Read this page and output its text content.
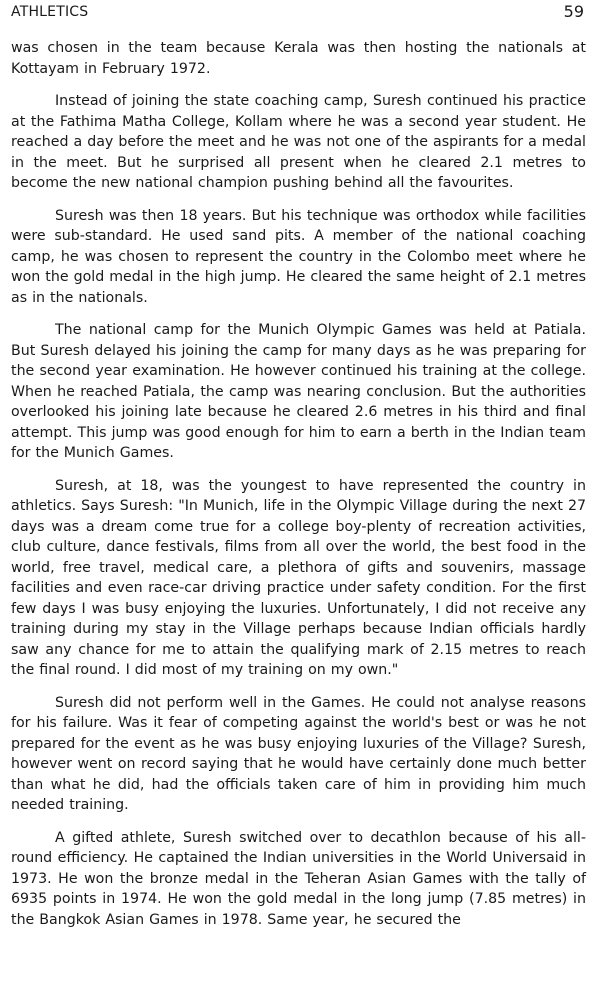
ATHLETICS	59

was chosen in the team because Kerala was then hosting the nationals at Kottayam in February 1972.

Instead of joining the state coaching camp, Suresh continued his practice at the Fathima Matha College, Kollam where he was a second year student. He reached a day before the meet and he was not one of the aspirants for a medal in the meet. But he surprised all present when he cleared 2.1 metres to become the new national champion pushing behind all the favourites.

Suresh was then 18 years. But his technique was orthodox while facilities were sub-standard. He used sand pits. A member of the national coaching camp, he was chosen to represent the country in the Colombo meet where he won the gold medal in the high jump. He cleared the same height of 2.1 metres as in the nationals.

The national camp for the Munich Olympic Games was held at Patiala. But Suresh delayed his joining the camp for many days as he was preparing for the second year examination. He however continued his training at the college. When he reached Patiala, the camp was nearing conclusion. But the authorities overlooked his joining late because he cleared 2.6 metres in his third and final attempt. This jump was good enough for him to earn a berth in the Indian team for the Munich Games.

Suresh, at 18, was the youngest to have represented the country in athletics. Says Suresh: "In Munich, life in the Olympic Village during the next 27 days was a dream come true for a college boy-plenty of recreation activities, club culture, dance festivals, films from all over the world, the best food in the world, free travel, medical care, a plethora of gifts and souvenirs, massage facilities and even race-car driving practice under safety condition. For the first few days I was busy enjoying the luxuries. Unfortunately, I did not receive any training during my stay in the Village perhaps because Indian officials hardly saw any chance for me to attain the qualifying mark of 2.15 metres to reach the final round. I did most of my training on my own."

Suresh did not perform well in the Games. He could not analyse reasons for his failure. Was it fear of competing against the world's best or was he not prepared for the event as he was busy enjoying luxuries of the Village? Suresh, however went on record saying that he would have certainly done much better than what he did, had the officials taken care of him in providing him much needed training.

A gifted athlete, Suresh switched over to decathlon because of his all-round efficiency. He captained the Indian universities in the World Universaid in 1973. He won the bronze medal in the Teheran Asian Games with the tally of 6935 points in 1974. He won the gold medal in the long jump (7.85 metres) in the Bangkok Asian Games in 1978. Same year, he secured the
